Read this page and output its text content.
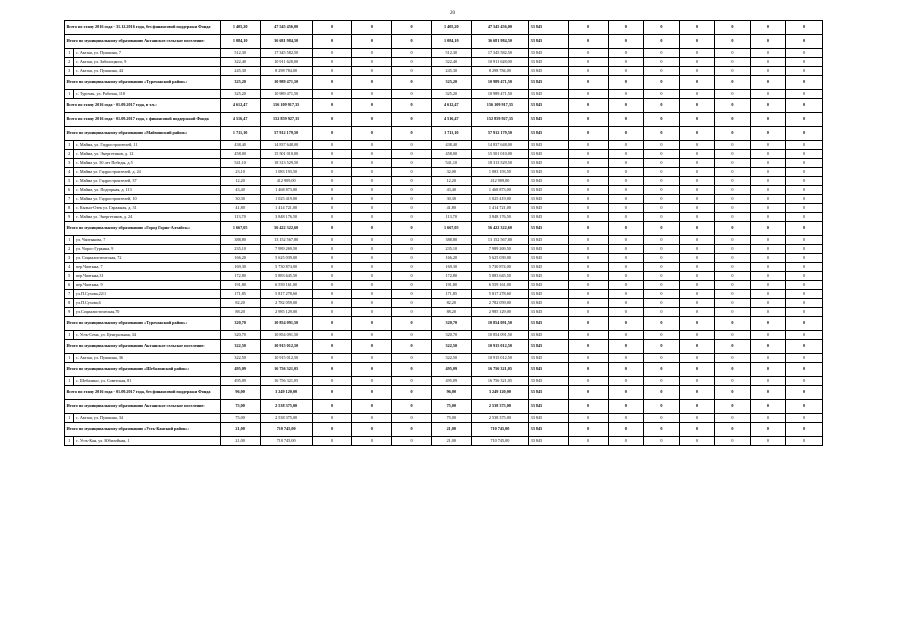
20
Всего по этапу 2016 года - 31.12.2016 года, без финансовой поддержки Фонда		1 405,20	47 545 456,00	0	0	0	1 405,20	47 545 456,00	33 845	0	0	0	0	0	0	0
Итого по муниципальному образованию Акташское сельское поселение:		1 084,10	36 681 984,50	0	0	0	1 084,10	36 681 984,50	33 845	0	0	0	0	0	0	0
1	с. Акташ, ул. Пушкина, 7	512,30	17 345 582,50	0	0	0	512,30	17 345 582,50	33 845	0	0	0	0	0	0	0
2	с. Акташ, ул. Заболоцкого, 9	322,40	10 911 628,00	0	0	0	322,40	10 911 628,00	33 845	0	0	0	0	0	0	0
3	с. Акташ, ул. Пушкина, 44	245,30	8 298 784,00	0	0	0	245,30	8 298 784,00	33 845	0	0	0	0	0	0	0
Итого по муниципальному образованию «Турочакский район»:		325,20	10 989 471,50	0	0	0	325,20	10 989 471,50	33 845	0	0	0	0	0	0	0
1	с. Турочак, ул. Рабочая, 118	325,20	10 989 471,50	0	0	0	325,20	10 989 471,50	33 845	0	0	0	0	0	0	0
Всего по этапу 2016 года - 01.09.2017 года, в т.ч.:		4 612,47	156 109 917,35	0	0	0	4 612,47	156 109 917,35	33 845	0	0	0	0	0	0	0
Всего по этапу 2016 года - 01.09.2017 года, с финансовой поддержкой Фонда		4 516,47	152 859 927,35	0	0	0	4 516,47	152 859 927,35	33 845	0	0	0	0	0	0	0
Итого по муниципальному образованию «Майминский район»:		1 711,10	57 912 179,50	0	0	0	1 711,10	57 912 179,50	33 845	0	0	0	0	0	0	0
1	с. Майма, ул. Гидростроителей, 11	438,40	14 837 648,00	0	0	0	438,40	14 837 648,00	33 845	0	0	0	0	0	0	0
2	с. Майма, ул. Энергетиков, д. 12	458,00	15 501 010,00	0	0	0	458,00	15 501 010,00	33 845	0	0	0	0	0	0	0
3	с. Майма ул. 30 лет Победы, д.5	541,10	18 313 529,50	0	0	0	541,10	18 313 529,50	33 845	0	0	0	0	0	0	0
4	с. Майма ул. Гидростроителей, д. 24	23,10	1 083 193,50	0	0	0	32,00	1 083 193,50	33 845	0	0	0	0	0	0	0
5	с. Майма ул. Гидростроителей, 37	12,20	412 909,00	0	0	0	12,20	412 909,00	33 845	0	0	0	0	0	0	0
6	с. Майма, ул. Подгорная, д. 113	43,40	1 468 873,00	0	0	0	43,40	1 468 873,00	33 845	0	0	0	0	0	0	0
7	с. Майма ул. Гидростроителей, 10	30,30	1 025 419,00	0	0	0	30,30	1 025 419,00	33 845	0	0	0	0	0	0	0
8	с. Кызыл-Озек ул. Гаражная, д. 31	41,80	1 414 721,00	0	0	0	41,80	1 414 721,00	33 845	0	0	0	0	0	0	0
9	с. Майма ул. Энергетиков, д. 24	113,70	3 848 176,50	0	0	0	113,70	3 848 176,50	33 845	0	0	0	0	0	0	0
Итого по муниципальному образованию «Город Горно-Алтайск»:		1 667,05	56 422 322,60	0	0	0	1 667,05	56 422 322,60	33 845	0	0	0	0	0	0	0
1	ул. Чаптыкова, 7	388,80	13 152 567,80	0	0	0	388,80	13 152 567,80	33 845	0	0	0	0	0	0	0
2	ул. Чорос-Гуркина, 9	235,10	7 989 269,50	0	0	0	235,10	7 989 269,50	33 845	0	0	0	0	0	0	0
3	ул. Социалистическая, 72	166,20	5 625 039,00	0	0	0	166,20	5 625 039,00	33 845	0	0	0	0	0	0	0
4	пер.Чаптыка, 7	169,30	5 730 874,00	0	0	0	169,30	5 730 874,00	33 845	0	0	0	0	0	0	0
5	пер.Чаптыка,31	172,80	5 883 645,50	0	0	0	172,80	5 883 645,50	33 845	0	0	0	0	0	0	0
6	пер.Чаптыка, 9	191,80	6 559 161,00	0	0	0	191,80	6 559 161,00	33 845	0	0	0	0	0	0	0
7	ул.П.Сухова,22/1	171,85	5 817 278,60	0	0	0	171,85	5 817 278,60	33 845	0	0	0	0	0	0	0
8	ул.П.Сухова,6	82,20	2 782 059,00	0	0	0	82,20	2 782 059,00	33 845	0	0	0	0	0	0	0
9	ул.Социалистическая,70	88,20	2 985 129,00	0	0	0	88,20	2 985 129,00	33 845	0	0	0	0	0	0	0
Итого по муниципальному образованию «Турочакский район»:		320,70	10 854 091,50	0	0	0	320,70	10 854 091,50	33 845	0	0	0	0	0	0	0
1	с. Усть-Сема, ул. Центральная, 34	320,70	10 854 091,50	0	0	0	320,70	10 854 091,50	33 845	0	0	0	0	0	0	0
Итого по муниципальному образованию Акташское сельское поселение:		322,50	10 915 012,50	0	0	0	322,50	10 915 012,50	33 845	0	0	0	0	0	0	0
1	с. Акташ, ул. Пушкина, 36	322,50	10 915 012,50	0	0	0	322,50	10 915 012,50	33 845	0	0	0	0	0	0	0
Итого по муниципальному образованию «Шебалинский район»:		495,09	16 756 321,05	0	0	0	495,09	16 756 321,05	33 845	0	0	0	0	0	0	0
1	с. Шебалино, ул. Советская, 81	495,09	16 756 321,05	0	0	0	495,09	16 756 321,05	33 845	0	0	0	0	0	0	0
Всего по этапу 2016 года - 01.09.2017 года, без финансовой поддержки Фонда		96,00	3 249 120,00	0	0	0	96,00	3 249 120,00	33 845	0	0	0	0	0	0	0
Итого по муниципальному образованию Акташское сельское поселение:		75,00	2 538 375,00	0	0	0	75,00	2 538 375,00	33 845	0	0	0	0	0	0	0
1	с. Акташ, ул. Пушкина, 34	75,00	2 538 375,00	0	0	0	75,00	2 538 375,00	33 845	0	0	0	0	0	0	0
Итого по муниципальному образованию «Усть-Канский район»:		21,00	710 745,00	0	0	0	21,00	710 745,00	33 845	0	0	0	0	0	0	0
1	с. Усть-Кан, ул. Юбилейная, 1	21,00	710 745,00	0	0	0	21,00	710 745,00	33 845	0	0	0	0	0	0	0
